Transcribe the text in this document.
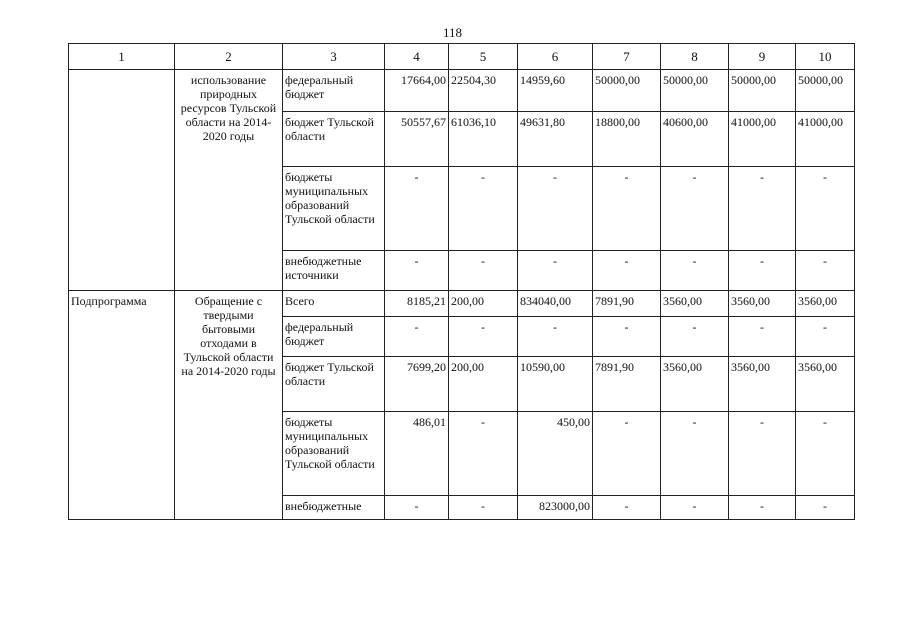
118
1	2	3	4	5	6	7	8	9	10
	использование природных ресурсов Тульской области на 2014-2020 годы	федеральный бюджет	17664,00	22504,30	14959,60	50000,00	50000,00	50000,00	50000,00
		бюджет Тульской области	50557,67	61036,10	49631,80	18800,00	40600,00	41000,00	41000,00
		бюджеты муниципальных образований Тульской области	-	-	-	-	-	-	-
		внебюджетные источники	-	-	-	-	-	-	-
Подпрограмма	Обращение с твердыми бытовыми отходами в Тульской области на 2014-2020 годы	Всего	8185,21	200,00	834040,00	7891,90	3560,00	3560,00	3560,00
		федеральный бюджет	-	-	-	-	-	-	-
		бюджет Тульской области	7699,20	200,00	10590,00	7891,90	3560,00	3560,00	3560,00
		бюджеты муниципальных образований Тульской области	486,01	-	450,00	-	-	-	-
		внебюджетные	-	-	823000,00	-	-	-	-
